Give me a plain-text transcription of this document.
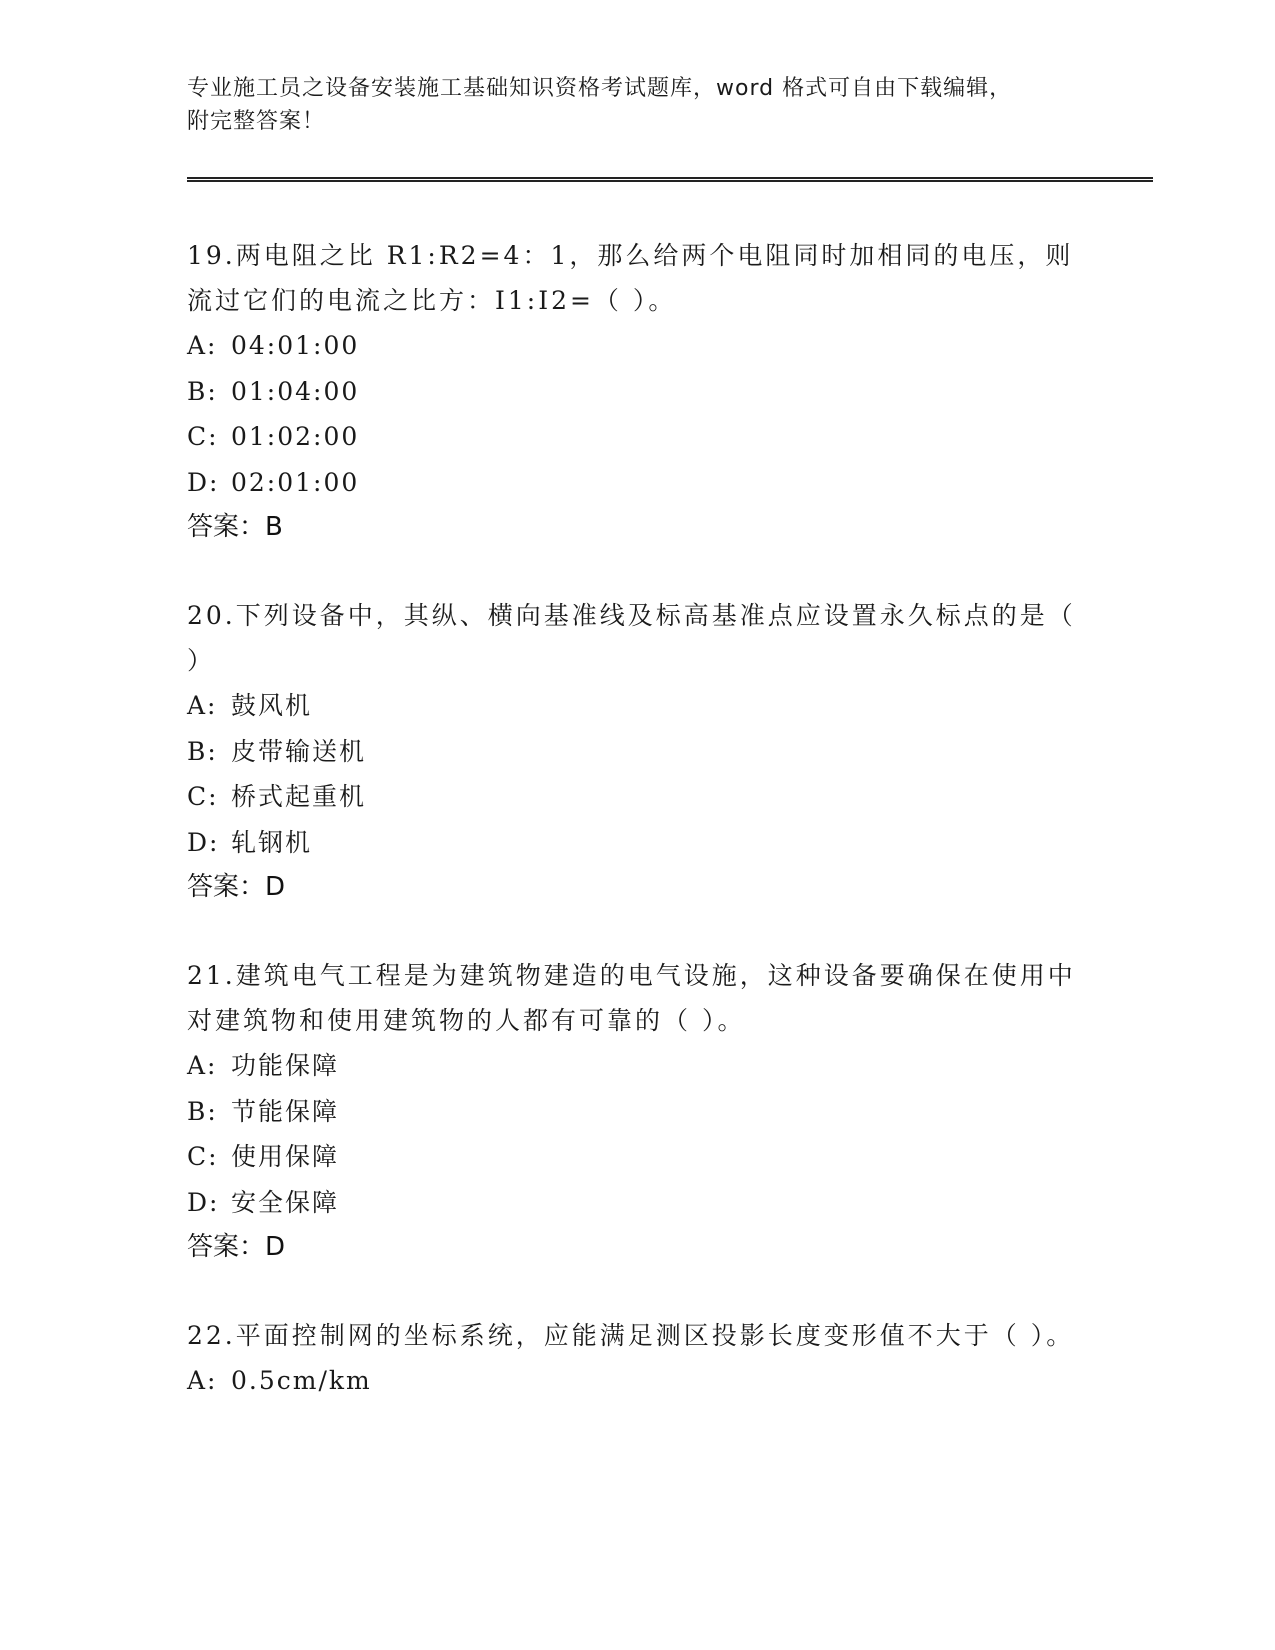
专业施工员之设备安装施工基础知识资格考试题库，word 格式可自由下载编辑，
附完整答案！
19.两电阻之比 R1:R2=4：1，那么给两个电阻同时加相同的电压，则流过它们的电流之比方：I1:I2=（ ）。
A: 04:01:00
B: 01:04:00
C: 01:02:00
D: 02:01:00
答案：B
20.下列设备中，其纵、横向基准线及标高基准点应设置永久标点的是（ ）
A: 鼓风机
B: 皮带输送机
C: 桥式起重机
D: 轧钢机
答案：D
21.建筑电气工程是为建筑物建造的电气设施，这种设备要确保在使用中对建筑物和使用建筑物的人都有可靠的（ ）。
A: 功能保障
B: 节能保障
C: 使用保障
D: 安全保障
答案：D
22.平面控制网的坐标系统，应能满足测区投影长度变形值不大于（ ）。
A: 0.5cm/km
